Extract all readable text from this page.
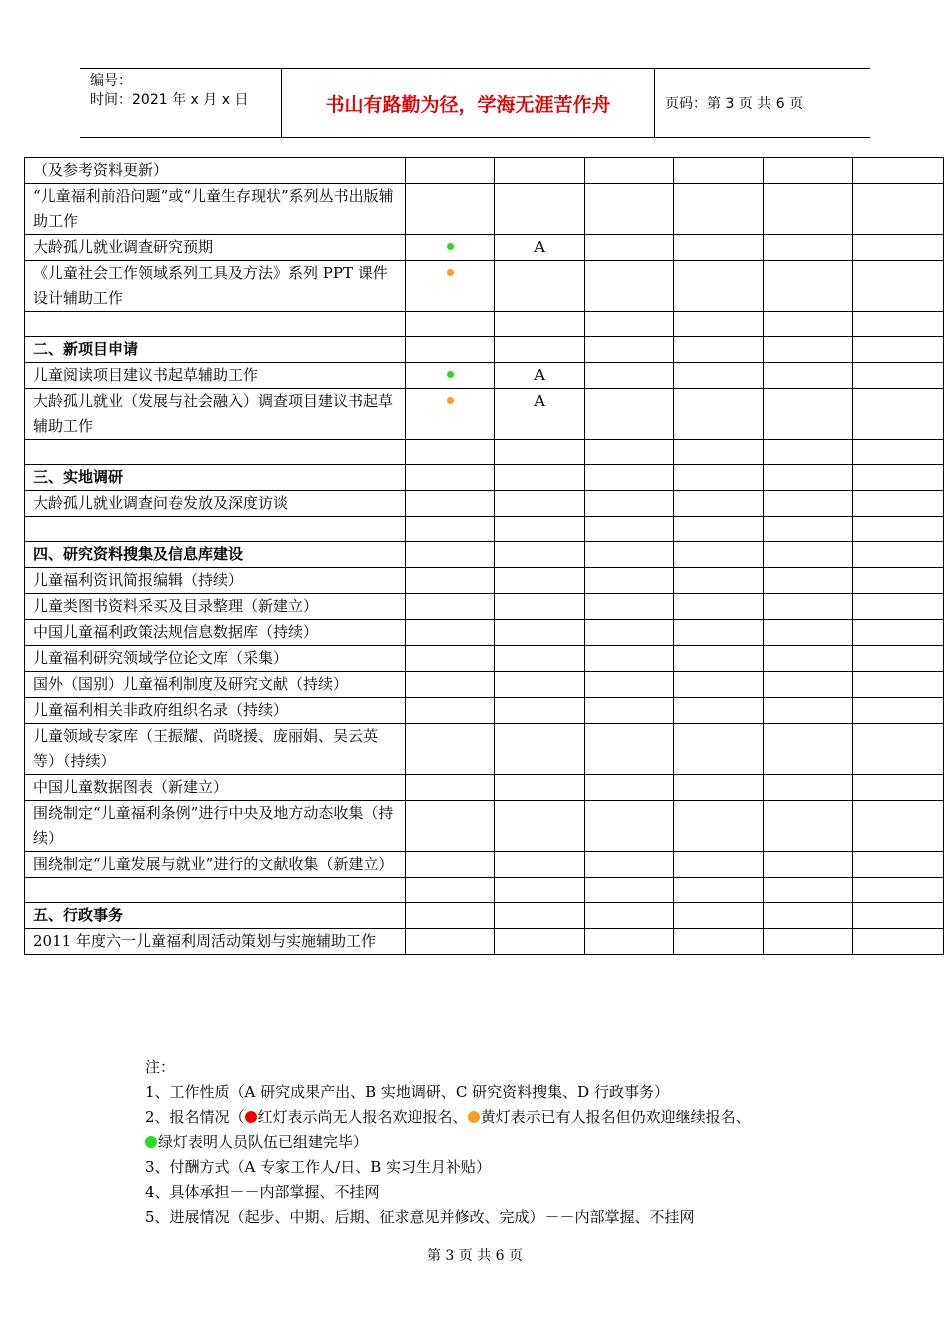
编号：
时间：2021 年 x 月 x 日	书山有路勤为径，学海无涯苦作舟	页码：第 3 页 共 6 页
（及参考资料更新）						
“儿童福利前沿问题”或“儿童生存现状”系列丛书出版辅助工作						
大龄孤儿就业调查研究预期		A				
《儿童社会工作领域系列工具及方法》系列 PPT 课件设计辅助工作						

二、新项目申请						
儿童阅读项目建议书起草辅助工作		A				
大龄孤儿就业（发展与社会融入）调查项目建议书起草辅助工作		A				

三、实地调研						
大龄孤儿就业调查问卷发放及深度访谈						

四、研究资料搜集及信息库建设						
儿童福利资讯简报编辑（持续）						
儿童类图书资料采买及目录整理（新建立）						
中国儿童福利政策法规信息数据库（持续）						
儿童福利研究领域学位论文库（采集）						
国外（国别）儿童福利制度及研究文献（持续）						
儿童福利相关非政府组织名录（持续）						
儿童领域专家库（王振耀、尚晓援、庞丽娟、吴云英等）（持续）						
中国儿童数据图表（新建立）						
围绕制定“儿童福利条例”进行中央及地方动态收集（持续）						
围绕制定“儿童发展与就业”进行的文献收集（新建立）						

五、行政事务						
2011 年度六一儿童福利周活动策划与实施辅助工作						
注：
1、工作性质（A 研究成果产出、B 实地调研、C 研究资料搜集、D 行政事务）
2、报名情况（ 红灯表示尚无人报名欢迎报名、 黄灯表示已有人报名但仍欢迎继续报名、
绿灯表明人员队伍已组建完毕）
3、付酬方式（A 专家工作人/日、B 实习生月补贴）
4、具体承担－－内部掌握、不挂网
5、进展情况（起步、中期、后期、征求意见并修改、完成）－－内部掌握、不挂网
第 3 页 共 6 页
